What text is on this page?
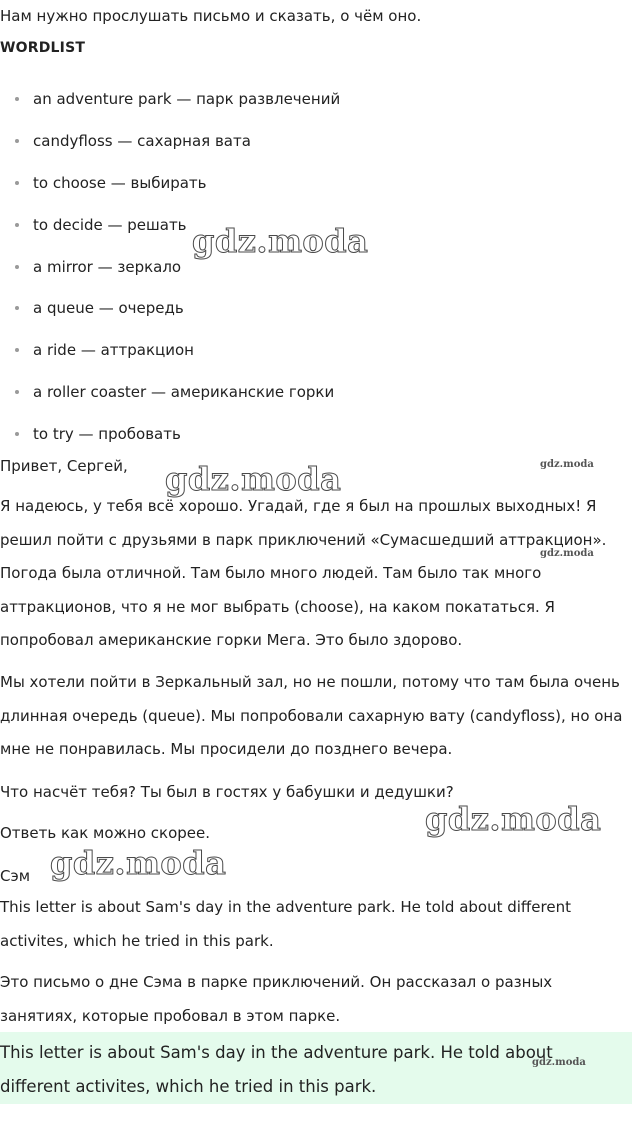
Нам нужно прослушать письмо и сказать, о чём оно.

WORDLIST

an adventure park — парк развлечений
candyfloss — сахарная вата
to choose — выбирать
to decide — решать
a mirror — зеркало
a queue — очередь
a ride — аттракцион
a roller coaster — американские горки
to try — пробовать

Привет, Сергей,

Я надеюсь, у тебя всё хорошо. Угадай, где я был на прошлых выходных! Я решил пойти с друзьями в парк приключений «Сумасшедший аттракцион». Погода была отличной. Там было много людей. Там было так много аттракционов, что я не мог выбрать (choose), на каком покататься. Я попробовал американские горки Мега. Это было здорово.

Мы хотели пойти в Зеркальный зал, но не пошли, потому что там была очень длинная очередь (queue). Мы попробовали сахарную вату (candyfloss), но она мне не понравилась. Мы просидели до позднего вечера.

Что насчёт тебя? Ты был в гостях у бабушки и дедушки?

Ответь как можно скорее.

Сэм

This letter is about Sam's day in the adventure park. He told about different activites, which he tried in this park.

Это письмо о дне Сэма в парке приключений. Он рассказал о разных занятиях, которые пробовал в этом парке.

This letter is about Sam's day in the adventure park. He told about different activites, which he tried in this park.

gdz.moda
gdz.moda
gdz.moda
gdz.moda
gdz.moda
gdz.moda
gdz.moda
